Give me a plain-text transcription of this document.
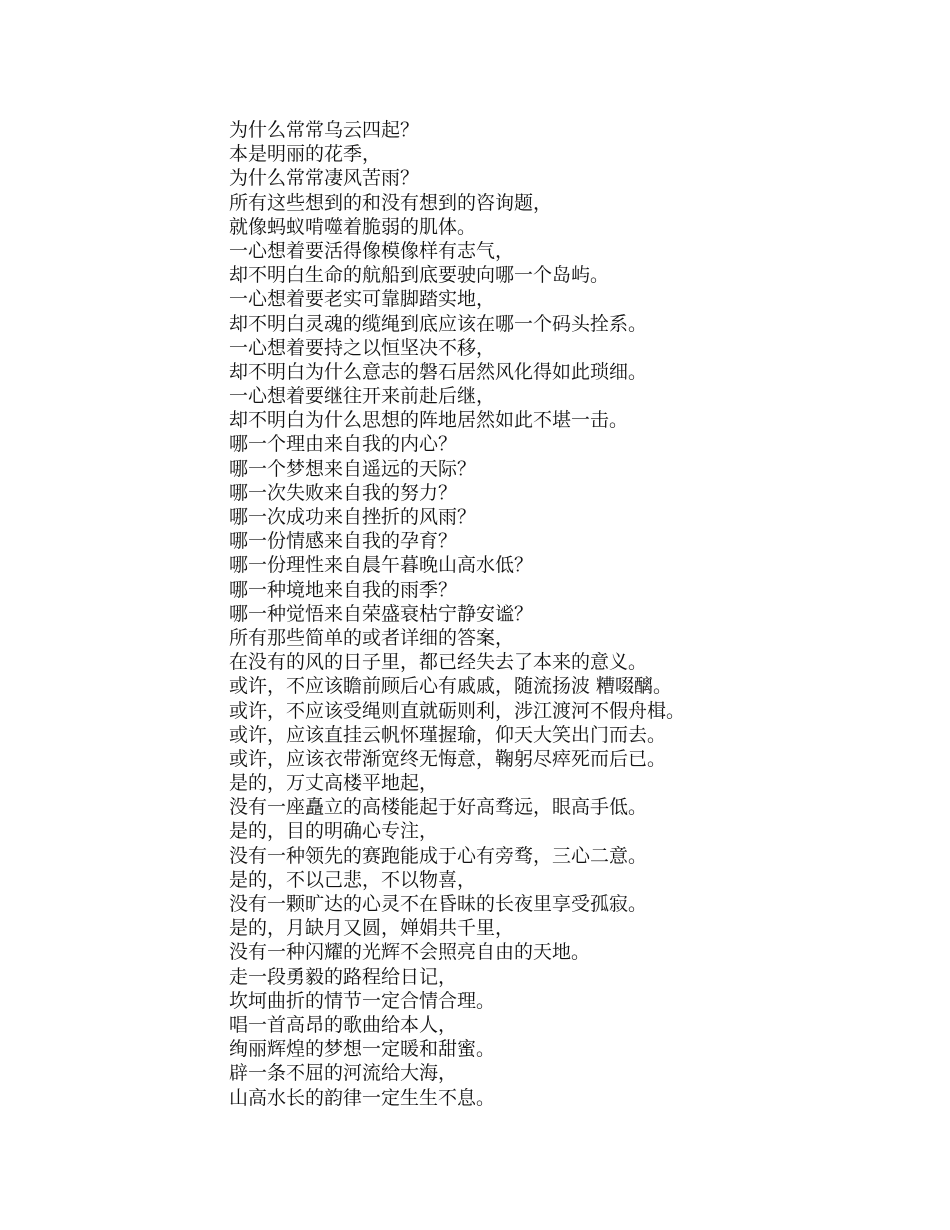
为什么常常乌云四起？
本是明丽的花季，
为什么常常凄风苦雨？
所有这些想到的和没有想到的咨询题，
就像蚂蚁啃噬着脆弱的肌体。
一心想着要活得像模像样有志气，
却不明白生命的航船到底要驶向哪一个岛屿。
一心想着要老实可靠脚踏实地，
却不明白灵魂的缆绳到底应该在哪一个码头拴系。
一心想着要持之以恒坚决不移，
却不明白为什么意志的磐石居然风化得如此琐细。
一心想着要继往开来前赴后继，
却不明白为什么思想的阵地居然如此不堪一击。
哪一个理由来自我的内心？
哪一个梦想来自遥远的天际？
哪一次失败来自我的努力？
哪一次成功来自挫折的风雨？
哪一份情感来自我的孕育？
哪一份理性来自晨午暮晚山高水低？
哪一种境地来自我的雨季？
哪一种觉悟来自荣盛衰枯宁静安谧？
所有那些简单的或者详细的答案，
在没有的风的日子里，都已经失去了本来的意义。
或许，不应该瞻前顾后心有戚戚，随流扬波 糟啜醨。
或许，不应该受绳则直就砺则利，涉江渡河不假舟楫。
或许，应该直挂云帆怀瑾握瑜，仰天大笑出门而去。
或许，应该衣带渐宽终无悔意，鞠躬尽瘁死而后已。
是的，万丈高楼平地起，
没有一座矗立的高楼能起于好高骛远，眼高手低。
是的，目的明确心专注，
没有一种领先的赛跑能成于心有旁骛，三心二意。
是的，不以己悲，不以物喜，
没有一颗旷达的心灵不在昏昧的长夜里享受孤寂。
是的，月缺月又圆，婵娟共千里，
没有一种闪耀的光辉不会照亮自由的天地。
走一段勇毅的路程给日记，
坎坷曲折的情节一定合情合理。
唱一首高昂的歌曲给本人，
绚丽辉煌的梦想一定暖和甜蜜。
辟一条不屈的河流给大海，
山高水长的韵律一定生生不息。
